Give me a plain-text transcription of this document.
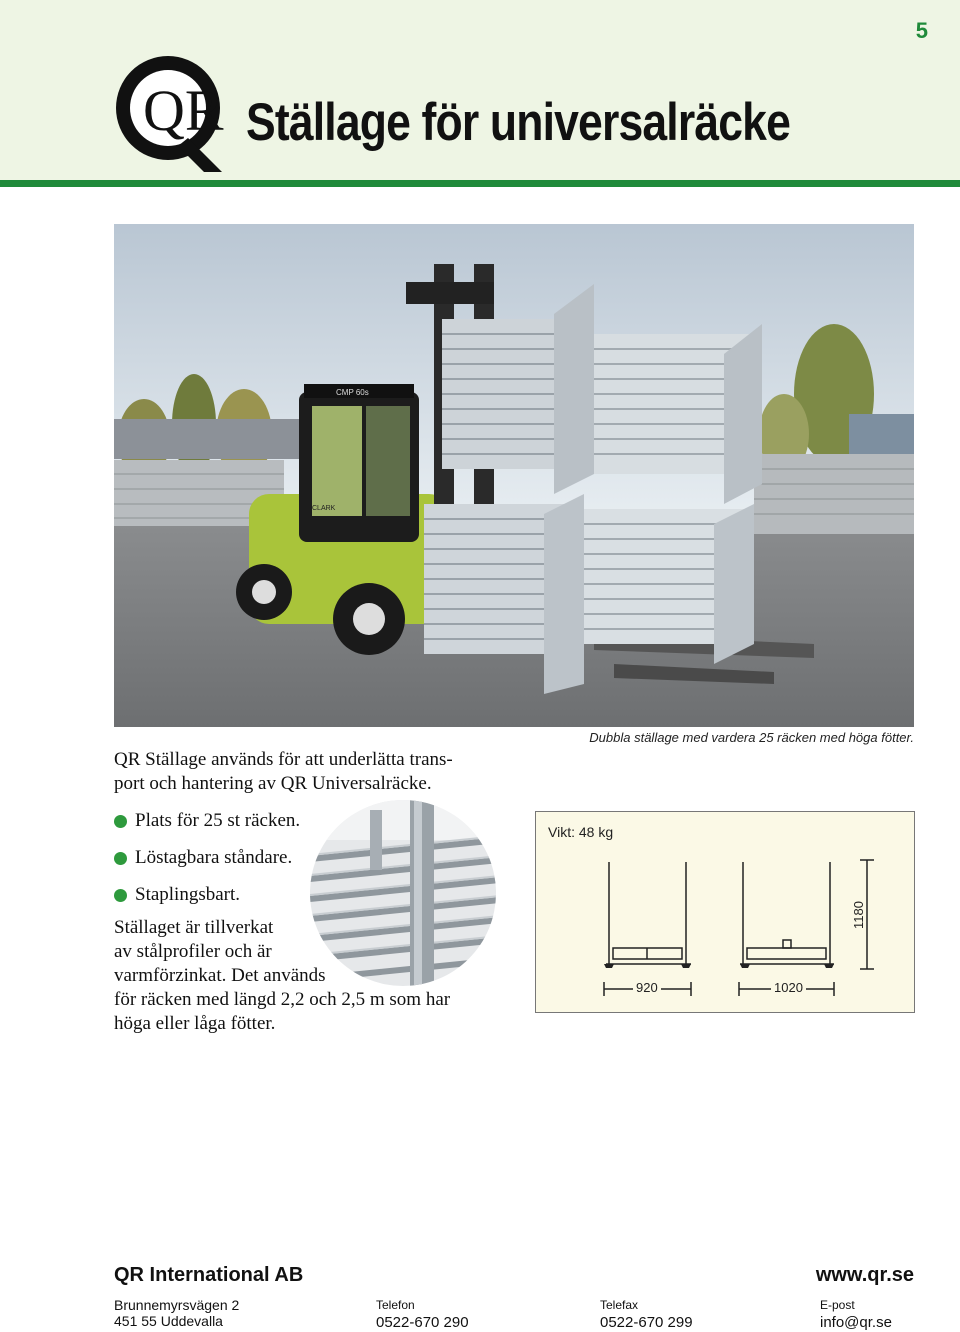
5
QR Ställage för universalräcke
CMP 60s
CLARK
Dubbla ställage med vardera 25 räcken med höga fötter.
QR Ställage används för att underlätta trans-
port och hantering av QR Universalräcke.
Plats för 25 st räcken.
Löstagbara ståndare.
Staplingsbart.
Ställaget är tillverkat
av stålprofiler och är
varmförzinkat. Det används
för räcken med längd 2,2 och 2,5 m som har
höga eller låga fötter.
Vikt: 48 kg
920	1020
1180
QR International AB	www.qr.se
Brunnemyrsvägen 2
451 55 Uddevalla
Telefon
0522-670 290
Telefax
0522-670 299
E-post
info@qr.se
